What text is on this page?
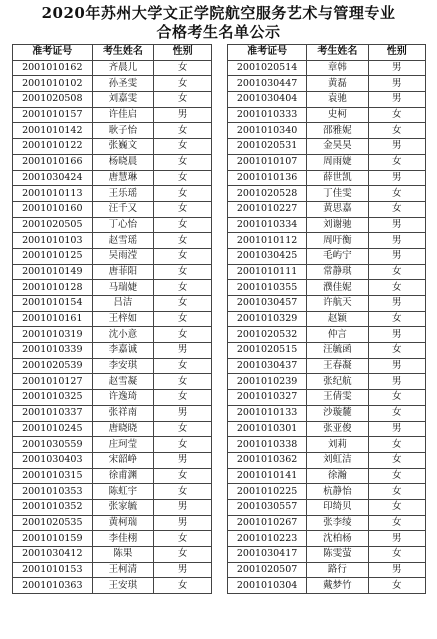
2020年苏州大学文正学院航空服务艺术与管理专业
合格考生名单公示
准考证号	考生姓名	性别
2001010162	齐晨儿	女
2001010102	孙圣雯	女
2001020508	刘嘉雯	女
2001010157	许佳启	男
2001010142	耿子怡	女
2001010122	张巍文	女
2001010166	杨晓晨	女
2001030424	唐慧琳	女
2001010113	王乐瑶	女
2001010160	汪千又	女
2001020505	丁心怡	女
2001010103	赵雪瑶	女
2001010125	吴雨滢	女
2001010149	唐菲阳	女
2001010128	马瑞婕	女
2001010154	吕洁	女
2001010161	王梓如	女
2001010319	沈小意	女
2001010339	李嘉诚	男
2001020539	李安琪	女
2001010127	赵雪凝	女
2001010325	许逸琦	女
2001010337	张祥南	男
2001010245	唐晓晓	女
2001030559	庄珂莹	女
2001030403	宋韶峥	男
2001010315	徐甫渊	女
2001010353	陈虹宇	女
2001010352	张家毓	男
2001020535	黄柯瑞	男
2001010159	李佳栩	女
2001030412	陈果	女
2001010153	王柯清	男
2001010363	王安琪	女
准考证号	考生姓名	性别
2001020514	章韩	男
2001030447	黄磊	男
2001030404	袁驰	男
2001010333	史柯	女
2001010340	邵雅妮	女
2001020531	金昊昊	男
2001010107	周雨婕	女
2001010136	薛世凯	男
2001020528	丁佳雯	女
2001010227	黄思嘉	女
2001010334	刘谢驰	男
2001010112	周吁衡	男
2001030425	毛屿宁	男
2001010111	常静琪	女
2001010355	濮佳妮	女
2001030457	许航天	男
2001010329	赵颖	女
2001020532	仲言	男
2001020515	汪毓函	女
2001030437	王春凝	男
2001010239	张纪航	男
2001010327	王倩雯	女
2001010133	沙璇麓	女
2001010301	张亚俊	男
2001010338	刘莉	女
2001010362	刘虹洁	女
2001010141	徐瀚	女
2001010225	杭静怡	女
2001030557	印绮贝	女
2001010267	张李绫	女
2001010223	沈柏杨	男
2001030417	陈雯萤	女
2001020507	路行	男
2001010304	戴梦竹	女
